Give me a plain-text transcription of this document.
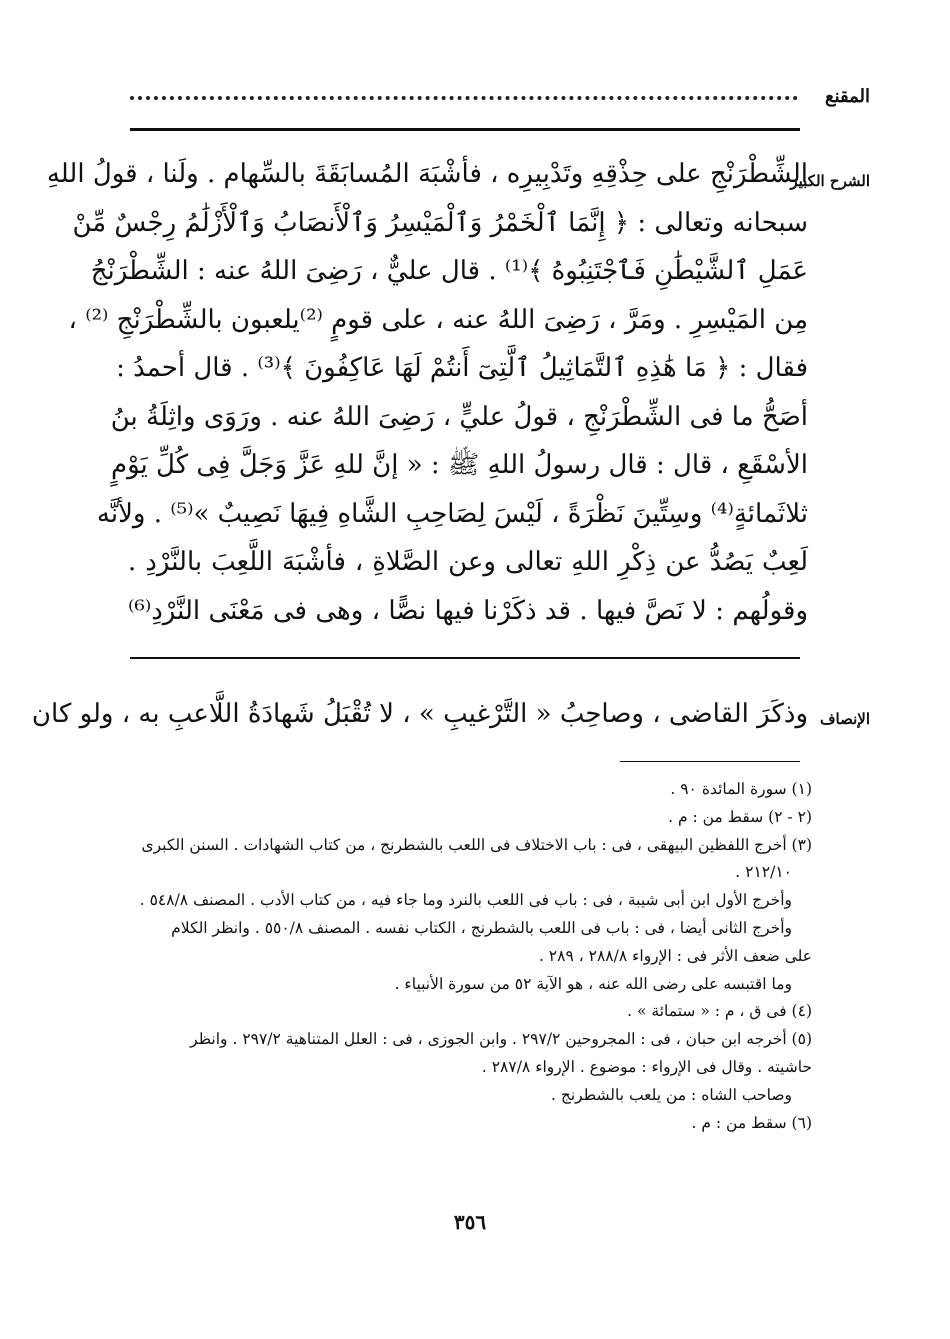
المقنع
الشرح الكبير
الشِّطْرَنْجِ على حِذْقِهِ وتَدْبِيرِه ، فأشْبَهَ المُسابَقَةَ بالسِّهام . ولَنا ، قولُ اللهِ
سبحانه وتعالى : ﴿ إِنَّمَا ٱلْخَمْرُ وَٱلْمَيْسِرُ وَٱلْأَنصَابُ وَٱلْأَزْلَٰمُ رِجْسٌ مِّنْ
عَمَلِ ٱلشَّيْطَٰنِ فَٱجْتَنِبُوهُ ﴾⁽¹⁾ . قال عليٌّ ، رَضِىَ اللهُ عنه : الشِّطْرَنْجُ
مِن المَيْسِرِ . ومَرَّ ، رَضِىَ اللهُ عنه ، على قومٍ ⁽²⁾يلعبون بالشِّطْرَنْجِ ⁽²⁾ ،
فقال : ﴿ مَا هَٰذِهِ ٱلتَّمَاثِيلُ ٱلَّتِىٓ أَنتُمْ لَهَا عَاكِفُونَ ﴾⁽³⁾ . قال أحمدُ :
أصَحُّ ما فى الشِّطْرَنْجِ ، قولُ عليٍّ ، رَضِىَ اللهُ عنه . ورَوَى واثِلَةُ بنُ
الأسْقَعِ ، قال : قال رسولُ اللهِ ﷺ : « إنَّ للهِ عَزَّ وَجَلَّ فِى كُلِّ يَوْمٍ
ثلاثَمائةٍ⁽⁴⁾ وسِتِّينَ نَظْرَةً ، لَيْسَ لِصَاحِبِ الشَّاهِ فِيهَا نَصِيبٌ »⁽⁵⁾ . ولأنَّه
لَعِبٌ يَصُدُّ عن ذِكْرِ اللهِ تعالى وعن الصَّلاةِ ، فأشْبَهَ اللَّعِبَ بالنَّرْدِ .
وقولُهم : لا نَصَّ فيها . قد ذكَرْنا فيها نصًّا ، وهى فى مَعْنَى النَّرْدِ⁽⁶⁾
الإنصاف
وذكَرَ القاضى ، وصاحِبُ « التَّرْغيبِ » ، لا تُقْبَلُ شَهادَةُ اللَّاعبِ به ، ولو كان
(١) سورة المائدة ٩٠ .
(٢ - ٢) سقط من : م .
(٣) أخرج اللفظين البيهقى ، فى : باب الاختلاف فى اللعب بالشطرنج ، من كتاب الشهادات . السنن الكبرى
٢١٢/١٠ .
وأخرج الأول ابن أبى شيبة ، فى : باب فى اللعب بالنرد وما جاء فيه ، من كتاب الأدب . المصنف ٥٤٨/٨ .
وأخرج الثانى أيضا ، فى : باب فى اللعب بالشطرنج ، الكتاب نفسه . المصنف ٥٥٠/٨ . وانظر الكلام
على ضعف الأثر فى : الإرواء ٢٨٨/٨ ، ٢٨٩ .
وما اقتبسه على رضى الله عنه ، هو الآية ٥٢ من سورة الأنبياء .
(٤) فى ق ، م : « ستمائة » .
(٥) أخرجه ابن حبان ، فى : المجروحين ٢٩٧/٢ . وابن الجوزى ، فى : العلل المتناهية ٢٩٧/٢ . وانظر
حاشيته . وقال فى الإرواء : موضوع . الإرواء ٢٨٧/٨ .
وصاحب الشاه : من يلعب بالشطرنج .
(٦) سقط من : م .
٣٥٦
